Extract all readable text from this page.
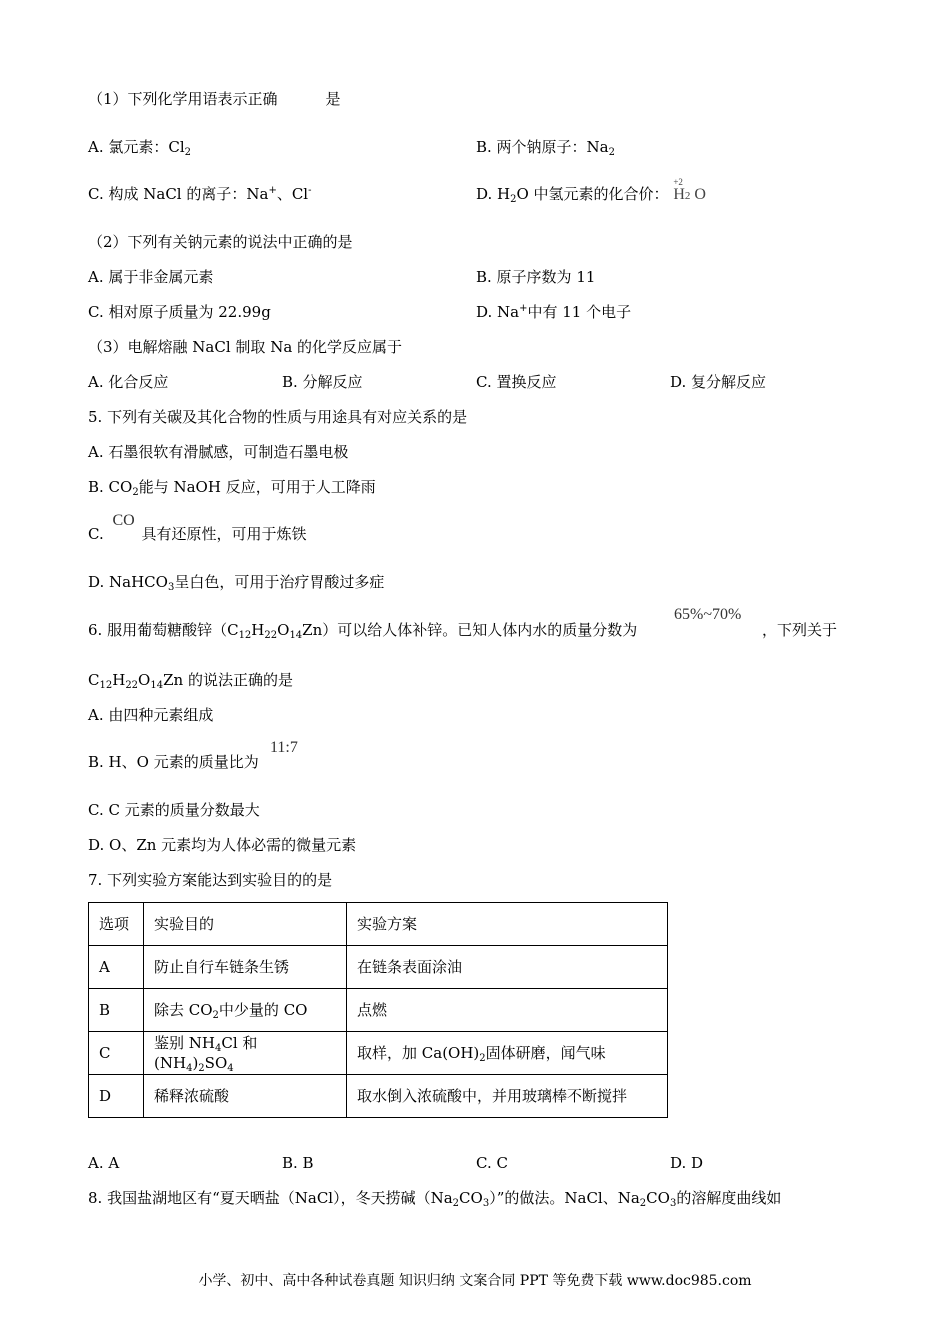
（1）下列化学用语表示正确	是
A. 氯元素：$Cl_2$	B. 两个钠原子：$Na_2$
C. 构成 NaCl 的离子：Na+、Cl-	D. $H_2O$ 中氢元素的化合价：
+2
H2 O
（2）下列有关钠元素的说法中正确的是
A. 属于非金属元素	B. 原子序数为 11
C. 相对原子质量为 22.99g	D. Na+中有 11 个电子
（3）电解熔融 NaCl 制取 Na 的化学反应属于
A. 化合反应	B. 分解反应	C. 置换反应	D. 复分解反应
5. 下列有关碳及其化合物的性质与用途具有对应关系的是
A. 石墨很软有滑腻感，可制造石墨电极
B. $CO_2$能与 NaOH 反应，可用于人工降雨
C. CO 具有还原性，可用于炼铁
D. NaHCO$_3$呈白色，可用于治疗胃酸过多症
6. 服用葡萄糖酸锌$(C_{12}H_{22}O_{14}Zn)$可以给人体补锌。已知人体内水的质量分数为
65%~70%
，下列关于
$C_{12}H_{22}O_{14}Zn$ 的说法正确的是
A. 由四种元素组成
B. H、O 元素的质量比为
11:7
C. C 元素的质量分数最大
D. O、Zn 元素均为人体必需的微量元素
7. 下列实验方案能达到实验目的的是
选项	实验目的	实验方案
A	防止自行车链条生锈	在链条表面涂油
B	除去 $CO_2$中少量的 CO	点燃
C	鉴别 $NH_4Cl$ 和$(NH_4)_2SO_4$	取样，加 $Ca(OH)_2$固体研磨，闻气味
D	稀释浓硫酸	取水倒入浓硫酸中，并用玻璃棒不断搅拌
A. A	B. B	C. C	D. D
8. 我国盐湖地区有“夏天晒盐（NaCl），冬天捞碱$(Na_2CO_3)$”的做法。NaCl、$Na_2CO_3$的溶解度曲线如
小学、初中、高中各种试卷真题 知识归纳 文案合同 PPT 等免费下载 www.doc985.com
